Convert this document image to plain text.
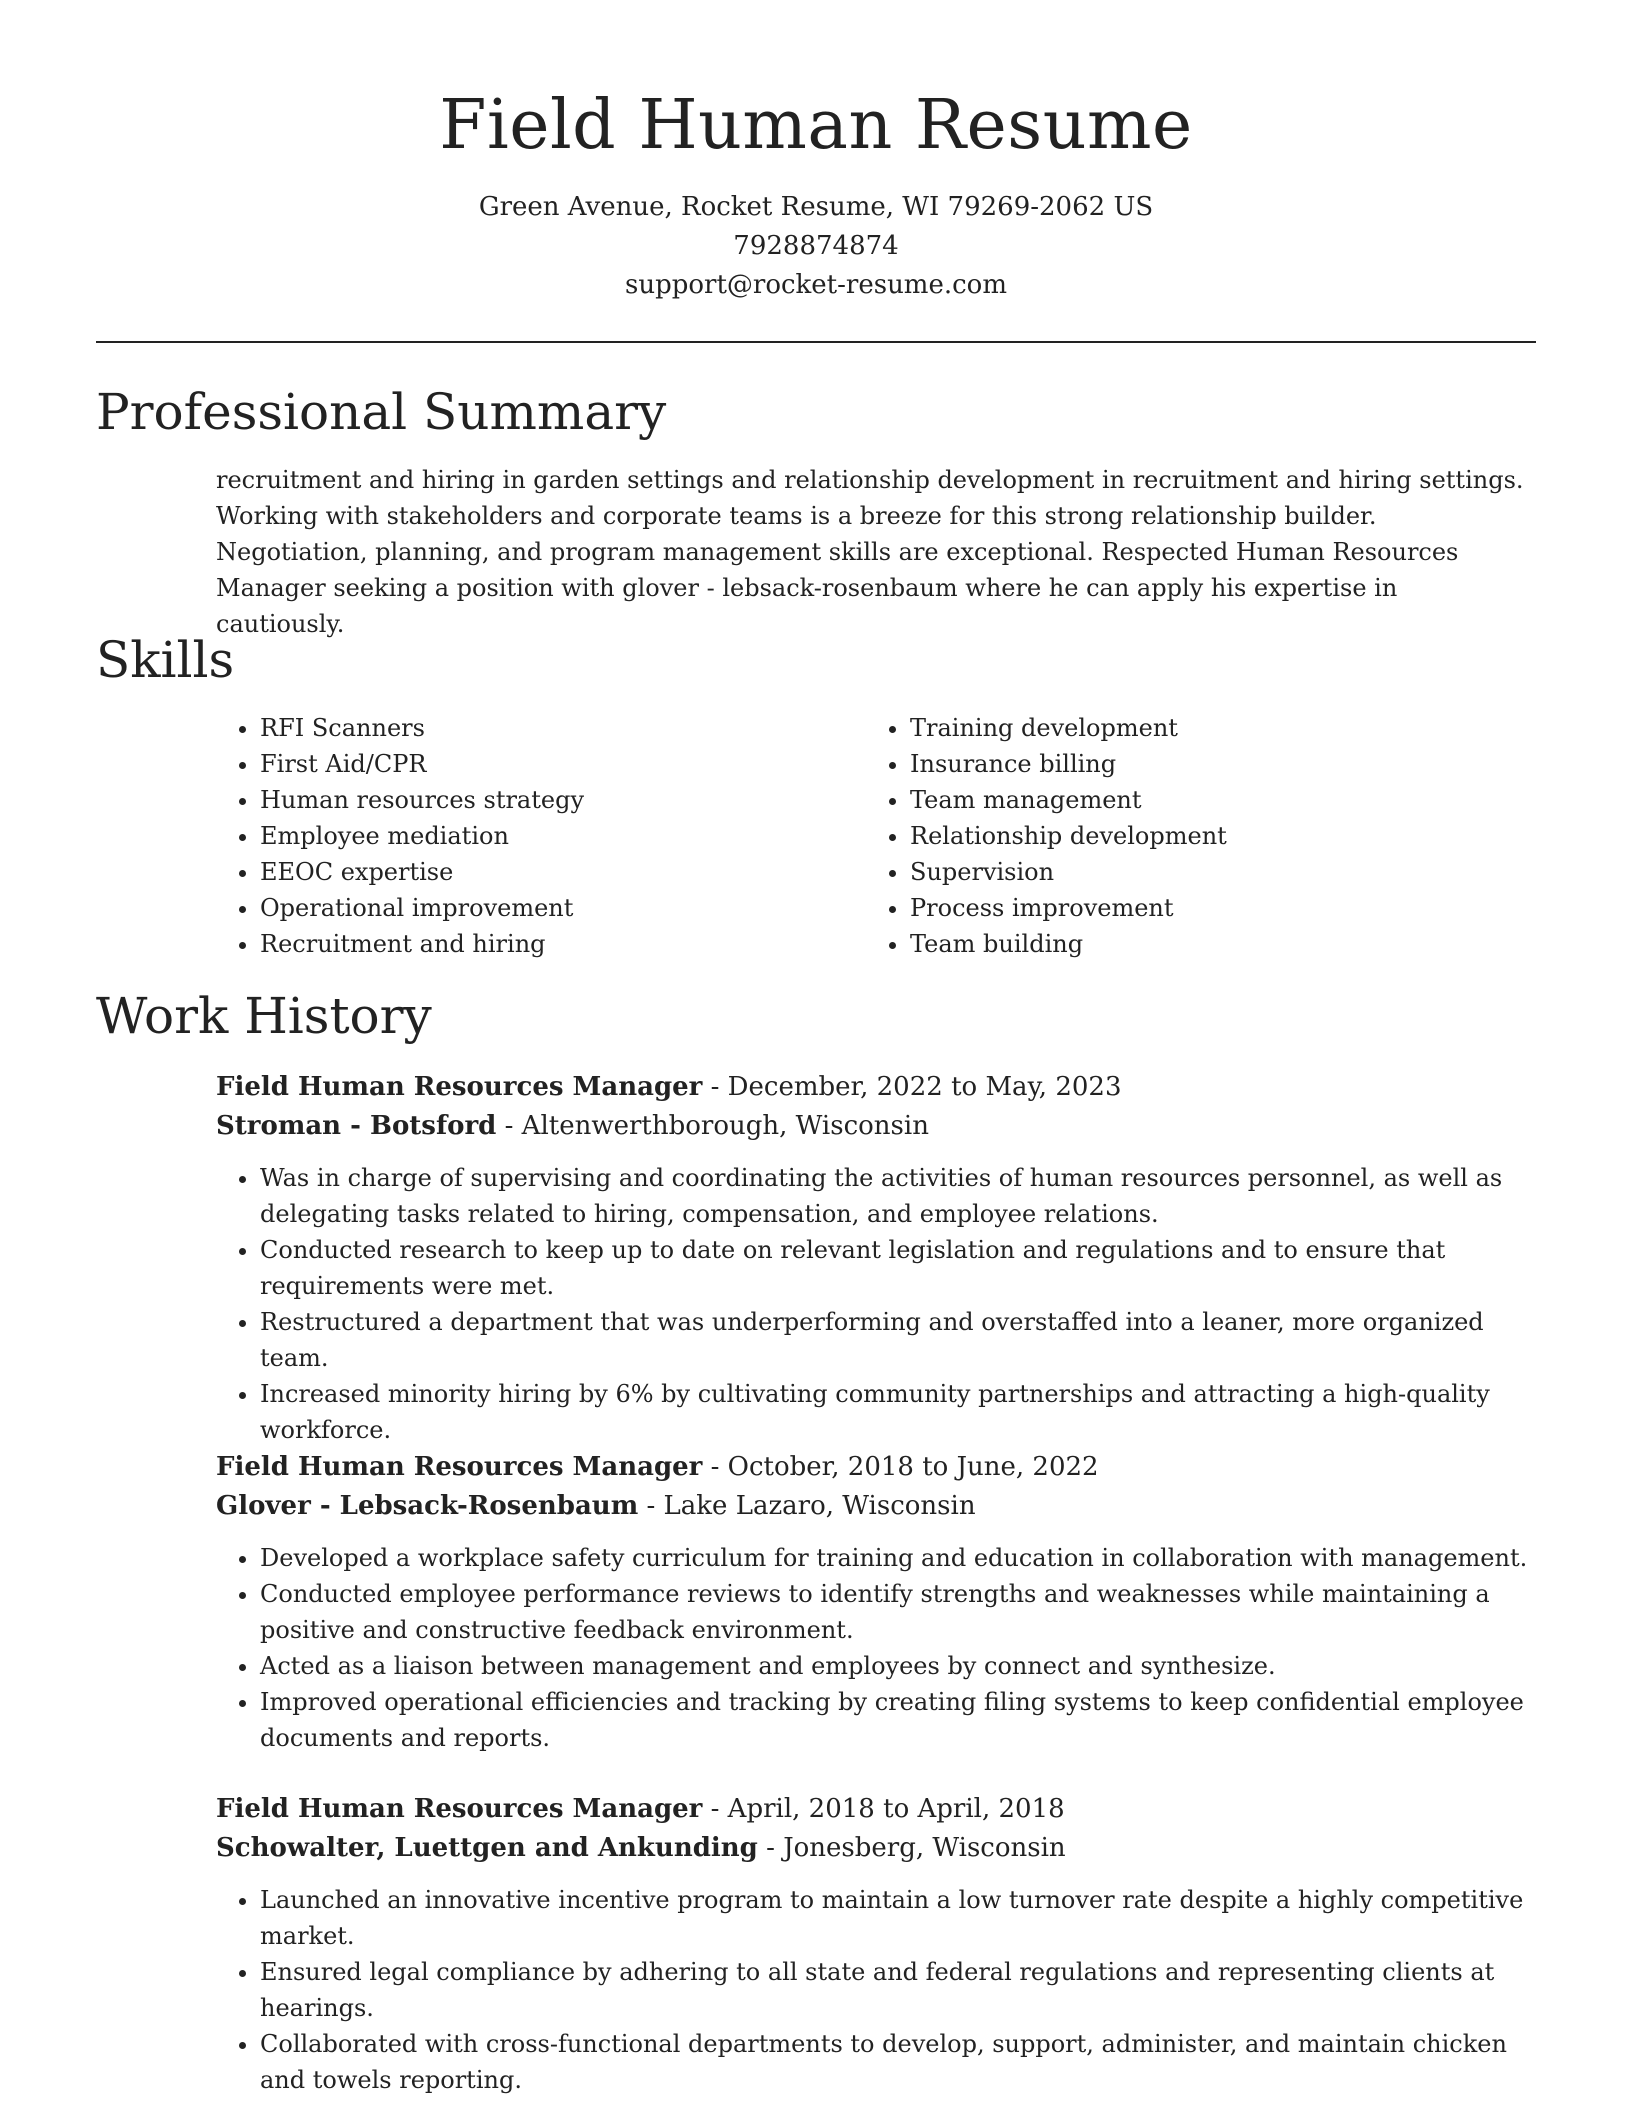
Field Human Resume
Green Avenue, Rocket Resume, WI 79269-2062 US
7928874874
support@rocket-resume.com
Professional Summary

recruitment and hiring in garden settings and relationship development in recruitment and hiring settings. Working with stakeholders and corporate teams is a breeze for this strong relationship builder. Negotiation, planning, and program management skills are exceptional. Respected Human Resources Manager seeking a position with glover - lebsack-rosenbaum where he can apply his expertise in cautiously.

Skills
• RFI Scanners
• First Aid/CPR
• Human resources strategy
• Employee mediation
• EEOC expertise
• Operational improvement
• Recruitment and hiring
• Training development
• Insurance billing
• Team management
• Relationship development
• Supervision
• Process improvement
• Team building
Work History
Field Human Resources Manager - December, 2022 to May, 2023
Stroman - Botsford - Altenwerthborough, Wisconsin
• Was in charge of supervising and coordinating the activities of human resources personnel, as well as delegating tasks related to hiring, compensation, and employee relations.
• Conducted research to keep up to date on relevant legislation and regulations and to ensure that requirements were met.
• Restructured a department that was underperforming and overstaffed into a leaner, more organized team.
• Increased minority hiring by 6% by cultivating community partnerships and attracting a high-quality workforce.
Field Human Resources Manager - October, 2018 to June, 2022
Glover - Lebsack-Rosenbaum - Lake Lazaro, Wisconsin
• Developed a workplace safety curriculum for training and education in collaboration with management.
• Conducted employee performance reviews to identify strengths and weaknesses while maintaining a positive and constructive feedback environment.
• Acted as a liaison between management and employees by connect and synthesize.
• Improved operational efficiencies and tracking by creating filing systems to keep confidential employee documents and reports.
Field Human Resources Manager - April, 2018 to April, 2018
Schowalter, Luettgen and Ankunding - Jonesberg, Wisconsin
• Launched an innovative incentive program to maintain a low turnover rate despite a highly competitive market.
• Ensured legal compliance by adhering to all state and federal regulations and representing clients at hearings.
• Collaborated with cross-functional departments to develop, support, administer, and maintain chicken and towels reporting.
